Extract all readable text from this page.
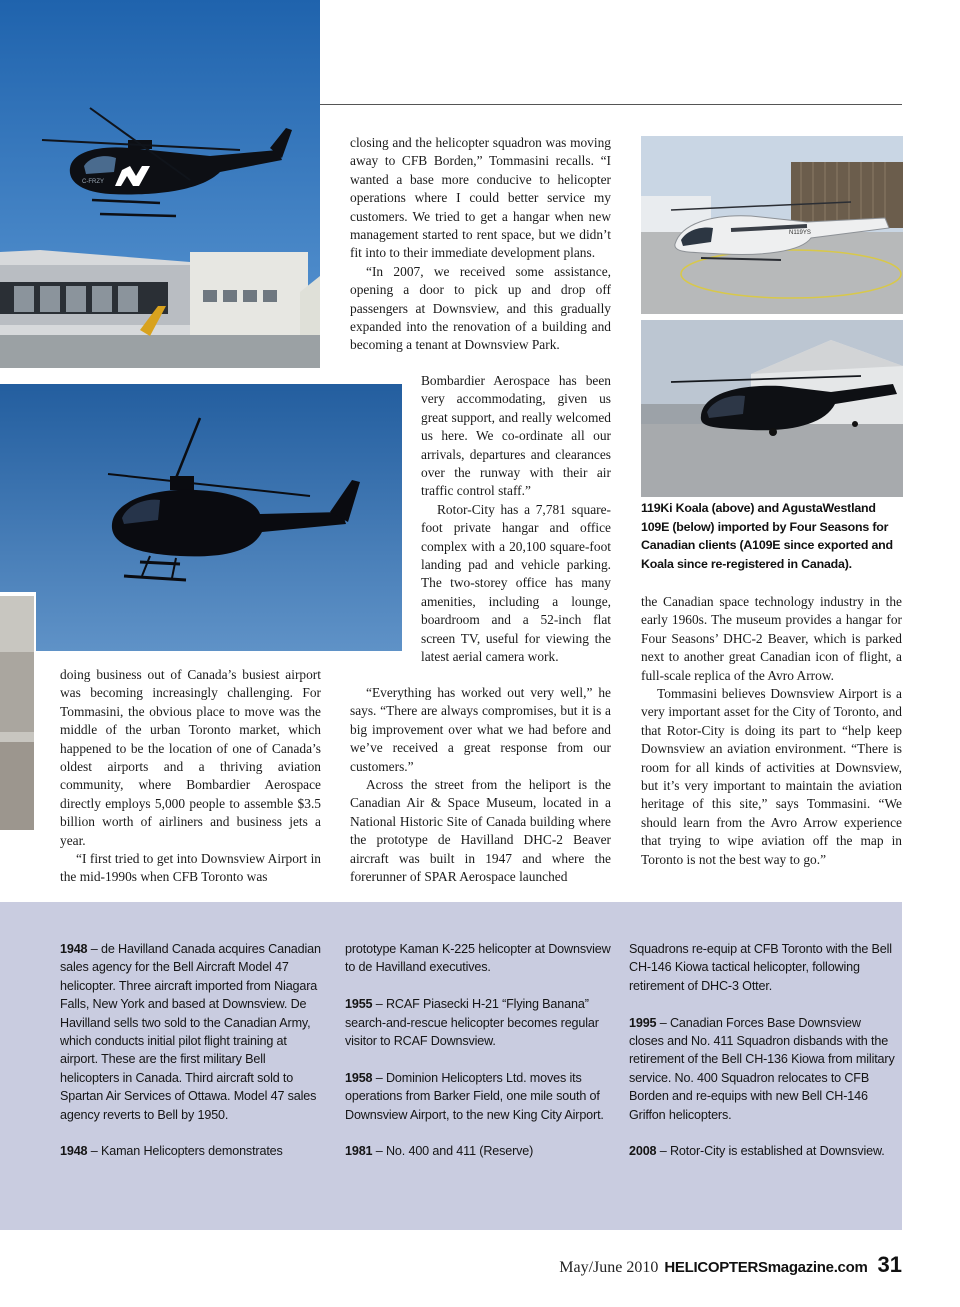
C-FRZY
N119YS
119Ki Koala (above) and AgustaWestland 109E (below) imported by Four Seasons for Canadian clients (A109E since exported and Koala since re-registered in Canada).

doing business out of Canada’s busiest airport was becoming increasingly challenging. For Tommasini, the obvious place to move was the middle of the urban Toronto market, which happened to be the location of one of Canada’s oldest airports and a thriving aviation community, where Bombardier Aerospace directly employs 5,000 people to assemble $3.5 billion worth of airliners and business jets a year.

“I first tried to get into Downsview Airport in the mid-1990s when CFB Toronto was

closing and the helicopter squadron was moving away to CFB Borden,” Tommasini recalls. “I wanted a base more conducive to helicopter operations where I could better service my customers. We tried to get a hangar when new management started to rent space, but we didn’t fit into to their immediate development plans.

“In 2007, we received some assistance, opening a door to pick up and drop off passengers at Downsview, and this gradually expanded into the renovation of a building and becoming a tenant at Downsview Park.

Bombardier Aerospace has been very accommodating, given us great support, and really welcomed us here. We co-ordinate all our arrivals, departures and clearances over the runway with their air traffic control staff.”

Rotor-City has a 7,781 square-foot private hangar and office complex with a 20,100 square-foot landing pad and vehicle parking. The two-storey office has many amenities, including a lounge, boardroom and a 52-inch flat screen TV, useful for viewing the latest aerial camera work.

“Everything has worked out very well,” he says. “There are always compromises, but it is a big improvement over what we had before and we’ve received a great response from our customers.”

Across the street from the heliport is the Canadian Air & Space Museum, located in a National Historic Site of Canada building where the prototype de Havilland DHC-2 Beaver aircraft was built in 1947 and where the forerunner of SPAR Aerospace launched

the Canadian space technology industry in the early 1960s. The museum provides a hangar for Four Seasons’ DHC-2 Beaver, which is parked next to another great Canadian icon of flight, a full-scale replica of the Avro Arrow.

Tommasini believes Downsview Airport is a very important asset for the City of Toronto, and that Rotor-City is doing its part to “help keep Downsview an aviation environment. “There is room for all kinds of activities at Downsview, but it’s very important to maintain the aviation heritage of this site,” says Tommasini. “We should learn from the Avro Arrow experience that trying to wipe aviation off the map in Toronto is not the best way to go.”

1948 – de Havilland Canada acquires Canadian sales agency for the Bell Aircraft Model 47 helicopter. Three aircraft imported from Niagara Falls, New York and based at Downsview. De Havilland sells two sold to the Canadian Army, which conducts initial pilot flight training at airport. These are the first military Bell helicopters in Canada. Third aircraft sold to Spartan Air Services of Ottawa. Model 47 sales agency reverts to Bell by 1950.

1948 – Kaman Helicopters demonstrates

prototype Kaman K-225 helicopter at Downsview to de Havilland executives.

1955 – RCAF Piasecki H-21 “Flying Banana” search-and-rescue helicopter becomes regular visitor to RCAF Downsview.

1958 – Dominion Helicopters Ltd. moves its operations from Barker Field, one mile south of Downsview Airport, to the new King City Airport.

1981 – No. 400 and 411 (Reserve)

Squadrons re-equip at CFB Toronto with the Bell CH-146 Kiowa tactical helicopter, following retirement of DHC-3 Otter.

1995 – Canadian Forces Base Downsview closes and No. 411 Squadron disbands with the retirement of the Bell CH-136 Kiowa from military service. No. 400 Squadron relocates to CFB Borden and re-equips with new Bell CH-146 Griffon helicopters.

2008 – Rotor-City is established at Downsview.

May/June 2010 HELICOPTERSmagazine.com 31
